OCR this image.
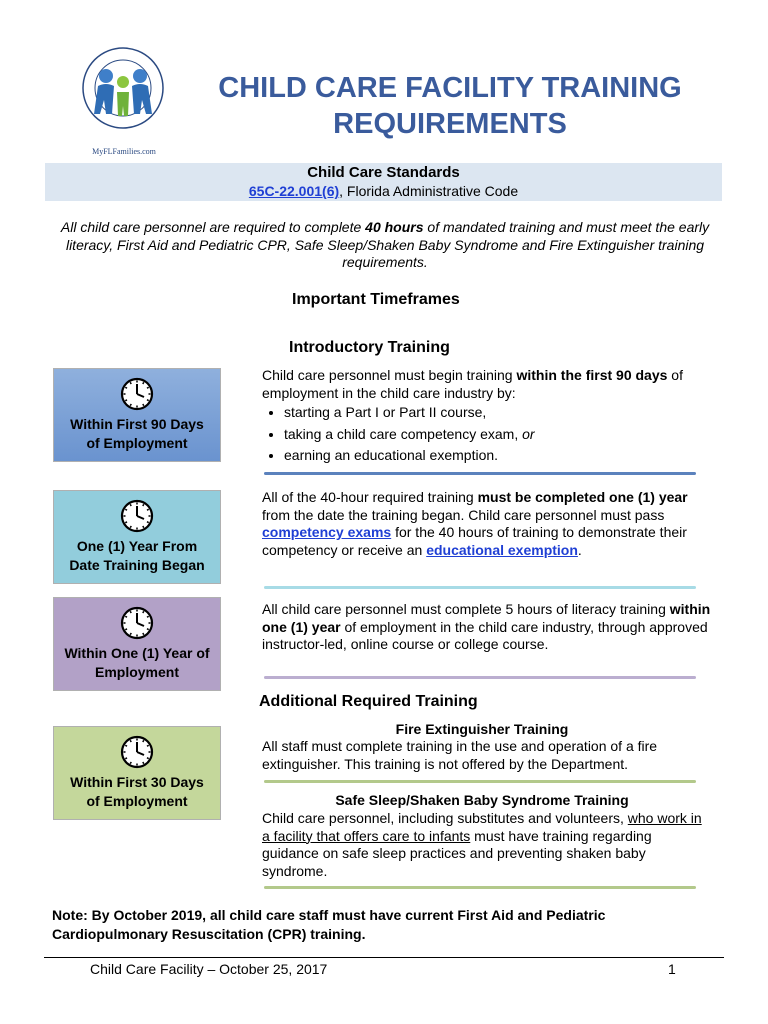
MyFLFamilies.com
CHILD CARE FACILITY TRAINING
REQUIREMENTS
Child Care Standards
65C-22.001(6), Florida Administrative Code
All child care personnel are required to complete 40 hours of mandated training and must meet the early literacy, First Aid and Pediatric CPR, Safe Sleep/Shaken Baby Syndrome and Fire Extinguisher training requirements.
Important Timeframes
Introductory Training
Within First 90 Days of Employment
One (1) Year From Date Training Began
Within One (1) Year of Employment
Within First 30 Days of Employment
Child care personnel must begin training within the first 90 days of employment in the child care industry by:
• starting a Part I or Part II course,
• taking a child care competency exam, or
• earning an educational exemption.
All of the 40-hour required training must be completed one (1) year from the date the training began. Child care personnel must pass competency exams for the 40 hours of training to demonstrate their competency or receive an educational exemption.
All child care personnel must complete 5 hours of literacy training within one (1) year of employment in the child care industry, through approved instructor-led, online course or college course.
Additional Required Training
Fire Extinguisher Training
All staff must complete training in the use and operation of a fire extinguisher. This training is not offered by the Department.
Safe Sleep/Shaken Baby Syndrome Training
Child care personnel, including substitutes and volunteers, who work in a facility that offers care to infants must have training regarding guidance on safe sleep practices and preventing shaken baby syndrome.
Note: By October 2019, all child care staff must have current First Aid and Pediatric Cardiopulmonary Resuscitation (CPR) training.
Child Care Facility – October 25, 2017	1
